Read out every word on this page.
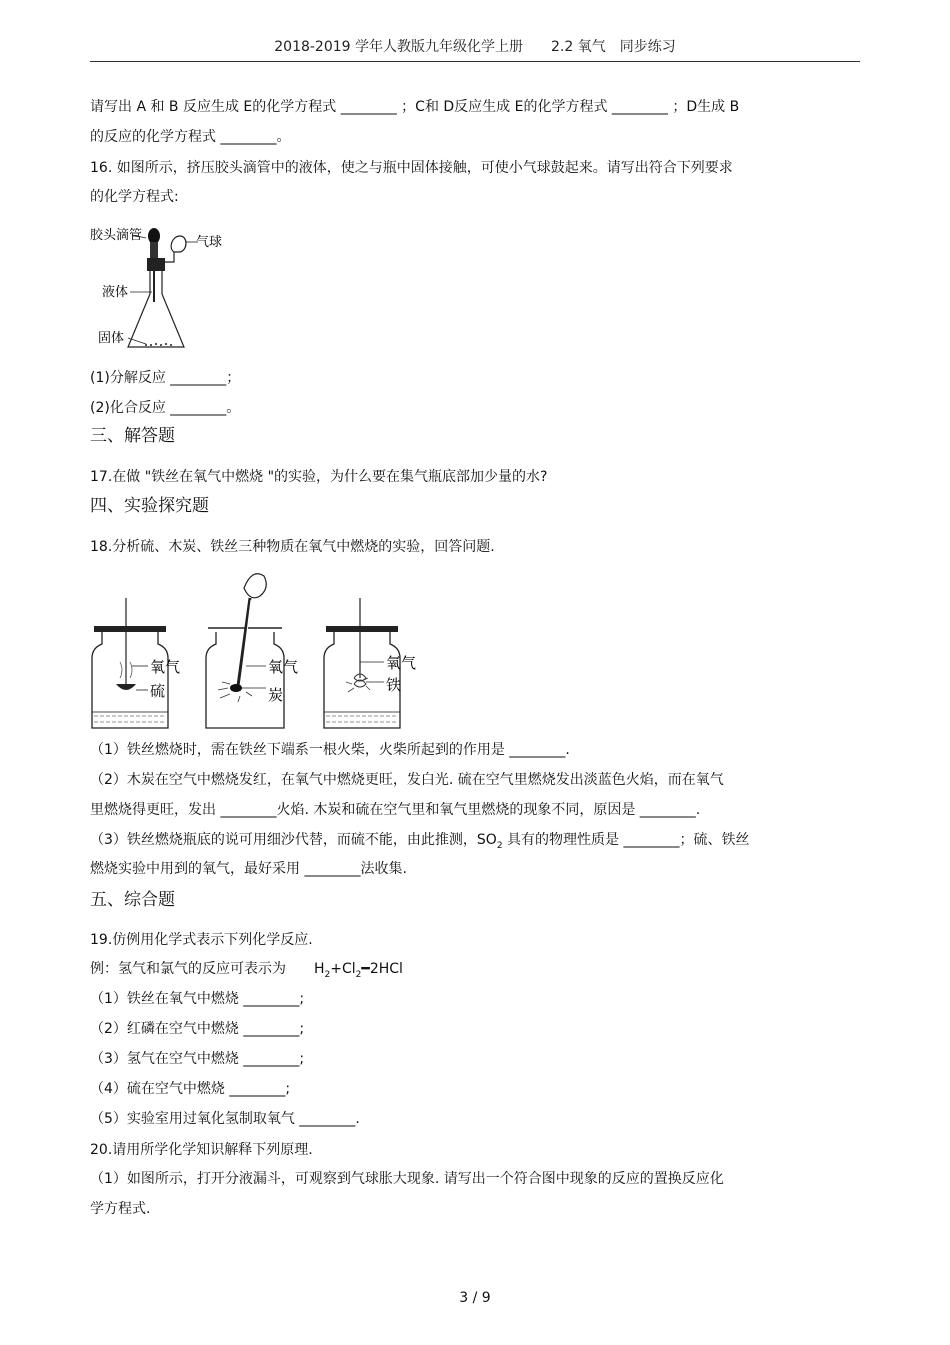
2018-2019 学年人教版九年级化学上册　　2.2 氧气　同步练习
请写出 A 和 B 反应生成 E的化学方程式 ________ ；C和 D反应生成 E的化学方程式 ________ ；D生成 B
的反应的化学方程式 ________。
16. 如图所示，挤压胶头滴管中的液体，使之与瓶中固体接触，可使小气球鼓起来。请写出符合下列要求
的化学方程式:
胶头滴管	气球
液体
固体
(1)分解反应 ________；
(2)化合反应 ________。
三、解答题
17.在做 "铁丝在氧气中燃烧 "的实验，为什么要在集气瓶底部加少量的水?
四、实验探究题
18.分析硫、木炭、铁丝三种物质在氧气中燃烧的实验，回答问题.
氧气
硫
氧气
炭
氧气
铁
（1）铁丝燃烧时，需在铁丝下端系一根火柴，火柴所起到的作用是 ________.
（2）木炭在空气中燃烧发红，在氧气中燃烧更旺，发白光. 硫在空气里燃烧发出淡蓝色火焰，而在氧气
里燃烧得更旺，发出 ________火焰. 木炭和硫在空气里和氧气里燃烧的现象不同，原因是 ________.
（3）铁丝燃烧瓶底的说可用细沙代替，而硫不能，由此推测，$SO_2$ 具有的物理性质是 ________；硫、铁丝
燃烧实验中用到的氧气，最好采用 ________法收集.
五、综合题
19.仿例用化学式表示下列化学反应.
例：氢气和氯气的反应可表示为　　 $H_2+Cl_2━2HCl$
（1）铁丝在氧气中燃烧 ________;
（2）红磷在空气中燃烧 ________;
（3）氢气在空气中燃烧 ________;
（4）硫在空气中燃烧 ________;
（5）实验室用过氧化氢制取氧气 ________.
20.请用所学化学知识解释下列原理.
（1）如图所示，打开分液漏斗，可观察到气球胀大现象. 请写出一个符合图中现象的反应的置换反应化
学方程式.
3 / 9
